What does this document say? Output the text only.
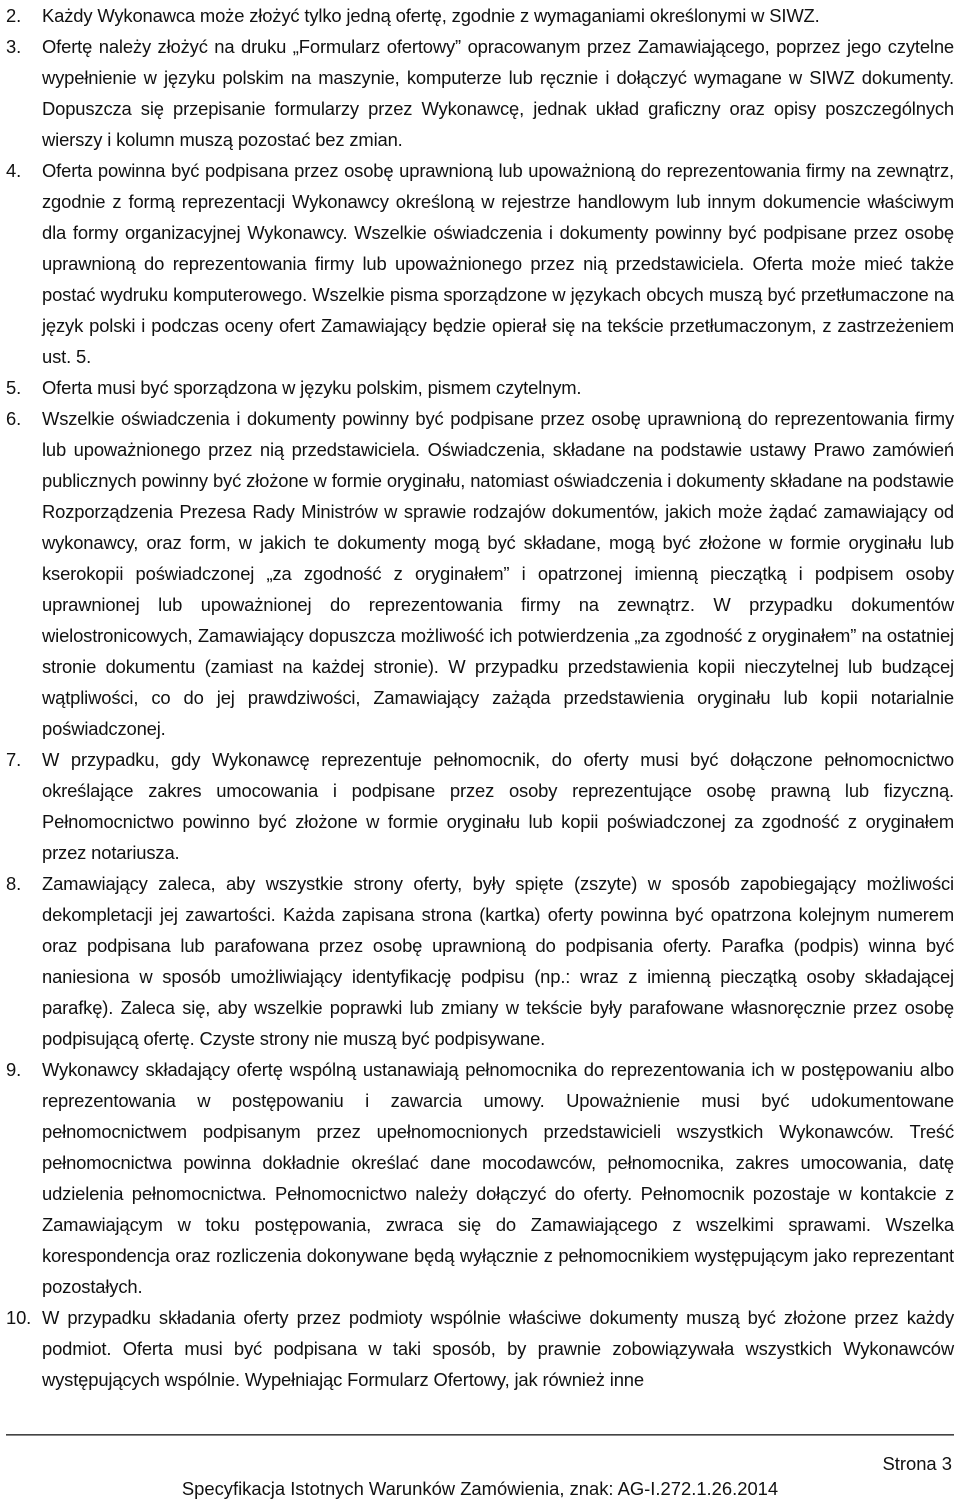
2.	Każdy Wykonawca może złożyć tylko jedną ofertę, zgodnie z wymaganiami określonymi w SIWZ.
3.	Ofertę należy złożyć na druku „Formularz ofertowy” opracowanym przez Zamawiającego, poprzez jego czytelne wypełnienie w języku polskim na maszynie, komputerze lub ręcznie i dołączyć wymagane w SIWZ dokumenty. Dopuszcza się przepisanie formularzy przez Wykonawcę, jednak układ graficzny oraz opisy poszczególnych wierszy i kolumn muszą pozostać bez zmian.
4.	Oferta powinna być podpisana przez osobę uprawnioną lub upoważnioną do reprezentowania firmy na zewnątrz, zgodnie z formą reprezentacji Wykonawcy określoną w rejestrze handlowym lub innym dokumencie właściwym dla formy organizacyjnej Wykonawcy. Wszelkie oświadczenia i dokumenty powinny być podpisane przez osobę uprawnioną do reprezentowania firmy lub upoważnionego przez nią przedstawiciela. Oferta może mieć także postać wydruku komputerowego. Wszelkie pisma sporządzone w językach obcych muszą być przetłumaczone na język polski i podczas oceny ofert Zamawiający będzie opierał się na tekście przetłumaczonym, z zastrzeżeniem ust. 5.
5.	Oferta musi być sporządzona w języku polskim, pismem czytelnym.
6.	Wszelkie oświadczenia i dokumenty powinny być podpisane przez osobę uprawnioną do reprezentowania firmy lub upoważnionego przez nią przedstawiciela. Oświadczenia, składane na podstawie ustawy Prawo zamówień publicznych powinny być złożone w formie oryginału, natomiast oświadczenia i dokumenty składane na podstawie Rozporządzenia Prezesa Rady Ministrów w sprawie rodzajów dokumentów, jakich może żądać zamawiający od wykonawcy, oraz form, w jakich te dokumenty mogą być składane, mogą być złożone w formie oryginału lub kserokopii poświadczonej „za zgodność z oryginałem” i opatrzonej imienną pieczątką i podpisem osoby uprawnionej lub upoważnionej do reprezentowania firmy na zewnątrz. W przypadku dokumentów wielostronicowych, Zamawiający dopuszcza możliwość ich potwierdzenia „za zgodność z oryginałem” na ostatniej stronie dokumentu (zamiast na każdej stronie). W przypadku przedstawienia kopii nieczytelnej lub budzącej wątpliwości, co do jej prawdziwości, Zamawiający zażąda przedstawienia oryginału lub kopii notarialnie poświadczonej.
7.	W przypadku, gdy Wykonawcę reprezentuje pełnomocnik, do oferty musi być dołączone pełnomocnictwo określające zakres umocowania i podpisane przez osoby reprezentujące osobę prawną lub fizyczną. Pełnomocnictwo powinno być złożone w formie oryginału lub kopii poświadczonej za zgodność z oryginałem przez notariusza.
8.	Zamawiający zaleca, aby wszystkie strony oferty, były spięte (zszyte) w sposób zapobiegający możliwości dekompletacji jej zawartości. Każda zapisana strona (kartka) oferty powinna być opatrzona kolejnym numerem oraz podpisana lub parafowana przez osobę uprawnioną do podpisania oferty. Parafka (podpis) winna być naniesiona w sposób umożliwiający identyfikację podpisu (np.: wraz z imienną pieczątką osoby składającej parafkę). Zaleca się, aby wszelkie poprawki lub zmiany w tekście były parafowane własnoręcznie przez osobę podpisującą ofertę. Czyste strony nie muszą być podpisywane.
9.	Wykonawcy składający ofertę wspólną ustanawiają pełnomocnika do reprezentowania ich w postępowaniu albo reprezentowania w postępowaniu i zawarcia umowy. Upoważnienie musi być udokumentowane pełnomocnictwem podpisanym przez upełnomocnionych przedstawicieli wszystkich Wykonawców. Treść pełnomocnictwa powinna dokładnie określać dane mocodawców, pełnomocnika, zakres umocowania, datę udzielenia pełnomocnictwa. Pełnomocnictwo należy dołączyć do oferty. Pełnomocnik pozostaje w kontakcie z Zamawiającym w toku postępowania, zwraca się do Zamawiającego z wszelkimi sprawami. Wszelka korespondencja oraz rozliczenia dokonywane będą wyłącznie z pełnomocnikiem występującym jako reprezentant pozostałych.
10. W przypadku składania oferty przez podmioty wspólnie właściwe dokumenty muszą być złożone przez każdy podmiot. Oferta musi być podpisana w taki sposób, by prawnie zobowiązywała wszystkich Wykonawców występujących wspólnie. Wypełniając Formularz Ofertowy, jak również inne
Strona 3
Specyfikacja Istotnych Warunków Zamówienia, znak: AG-I.272.1.26.2014
